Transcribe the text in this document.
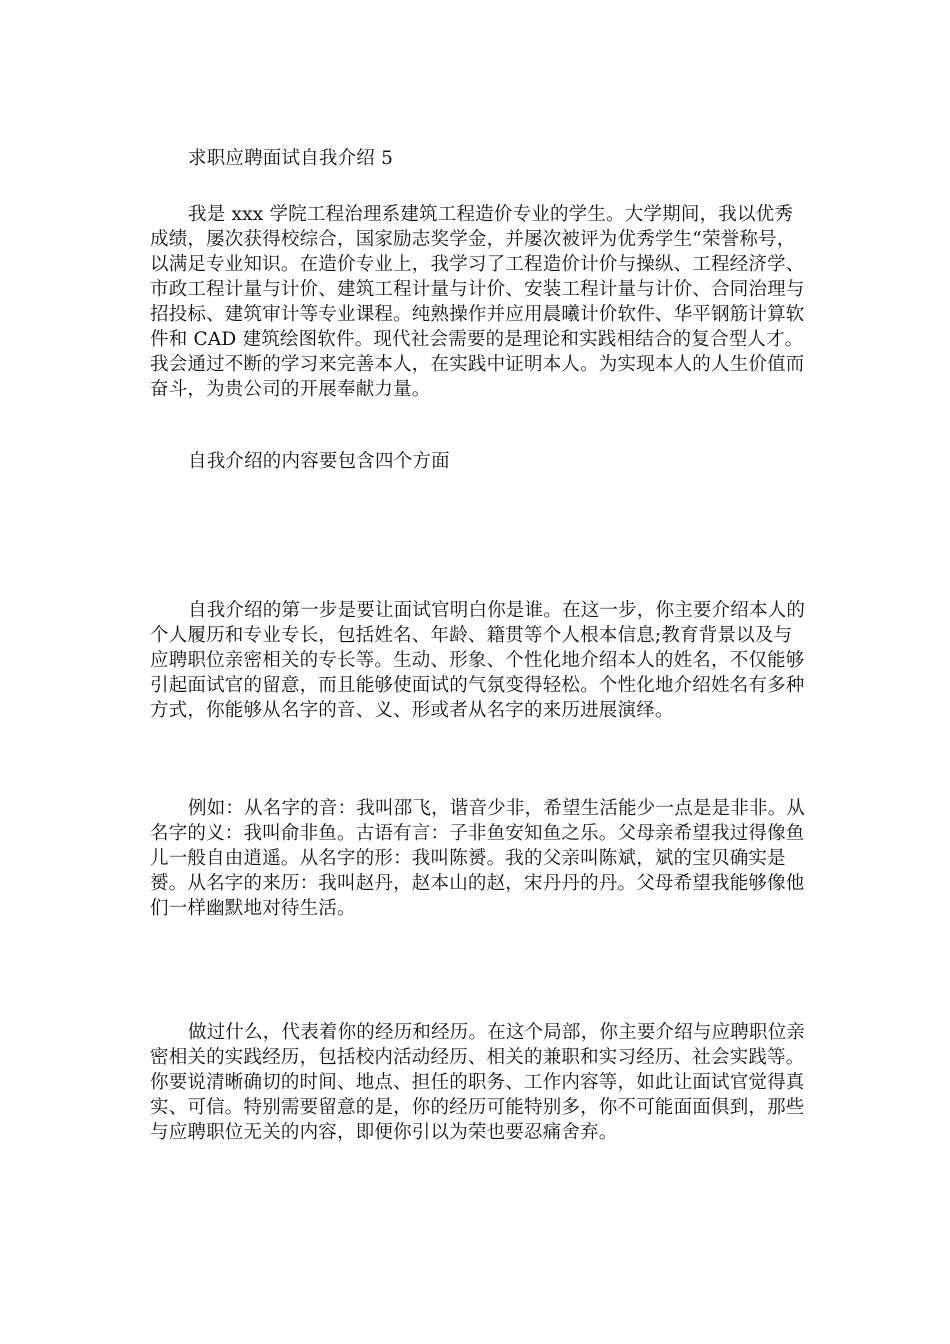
求职应聘面试自我介绍 5

我是 xxx 学院工程治理系建筑工程造价专业的学生。大学期间，我以优秀成绩，屡次获得校综合，国家励志奖学金，并屡次被评为优秀学生“荣誉称号，以满足专业知识。在造价专业上，我学习了工程造价计价与操纵、工程经济学、市政工程计量与计价、建筑工程计量与计价、安装工程计量与计价、合同治理与招投标、建筑审计等专业课程。纯熟操作并应用晨曦计价软件、华平钢筋计算软件和 CAD 建筑绘图软件。现代社会需要的是理论和实践相结合的复合型人才。我会通过不断的学习来完善本人，在实践中证明本人。为实现本人的人生价值而奋斗，为贵公司的开展奉献力量。

自我介绍的内容要包含四个方面

自我介绍的第一步是要让面试官明白你是谁。在这一步，你主要介绍本人的个人履历和专业专长，包括姓名、年龄、籍贯等个人根本信息;教育背景以及与应聘职位亲密相关的专长等。生动、形象、个性化地介绍本人的姓名，不仅能够引起面试官的留意，而且能够使面试的气氛变得轻松。个性化地介绍姓名有多种方式，你能够从名字的音、义、形或者从名字的来历进展演绎。

例如：从名字的音：我叫邵飞，谐音少非，希望生活能少一点是是非非。从名字的义：我叫俞非鱼。古语有言：子非鱼安知鱼之乐。父母亲希望我过得像鱼儿一般自由逍遥。从名字的形：我叫陈赟。我的父亲叫陈斌，斌的宝贝确实是赟。从名字的来历：我叫赵丹，赵本山的赵，宋丹丹的丹。父母希望我能够像他们一样幽默地对待生活。

做过什么，代表着你的经历和经历。在这个局部，你主要介绍与应聘职位亲密相关的实践经历，包括校内活动经历、相关的兼职和实习经历、社会实践等。你要说清晰确切的时间、地点、担任的职务、工作内容等，如此让面试官觉得真实、可信。特别需要留意的是，你的经历可能特别多，你不可能面面俱到，那些与应聘职位无关的内容，即便你引以为荣也要忍痛舍弃。
